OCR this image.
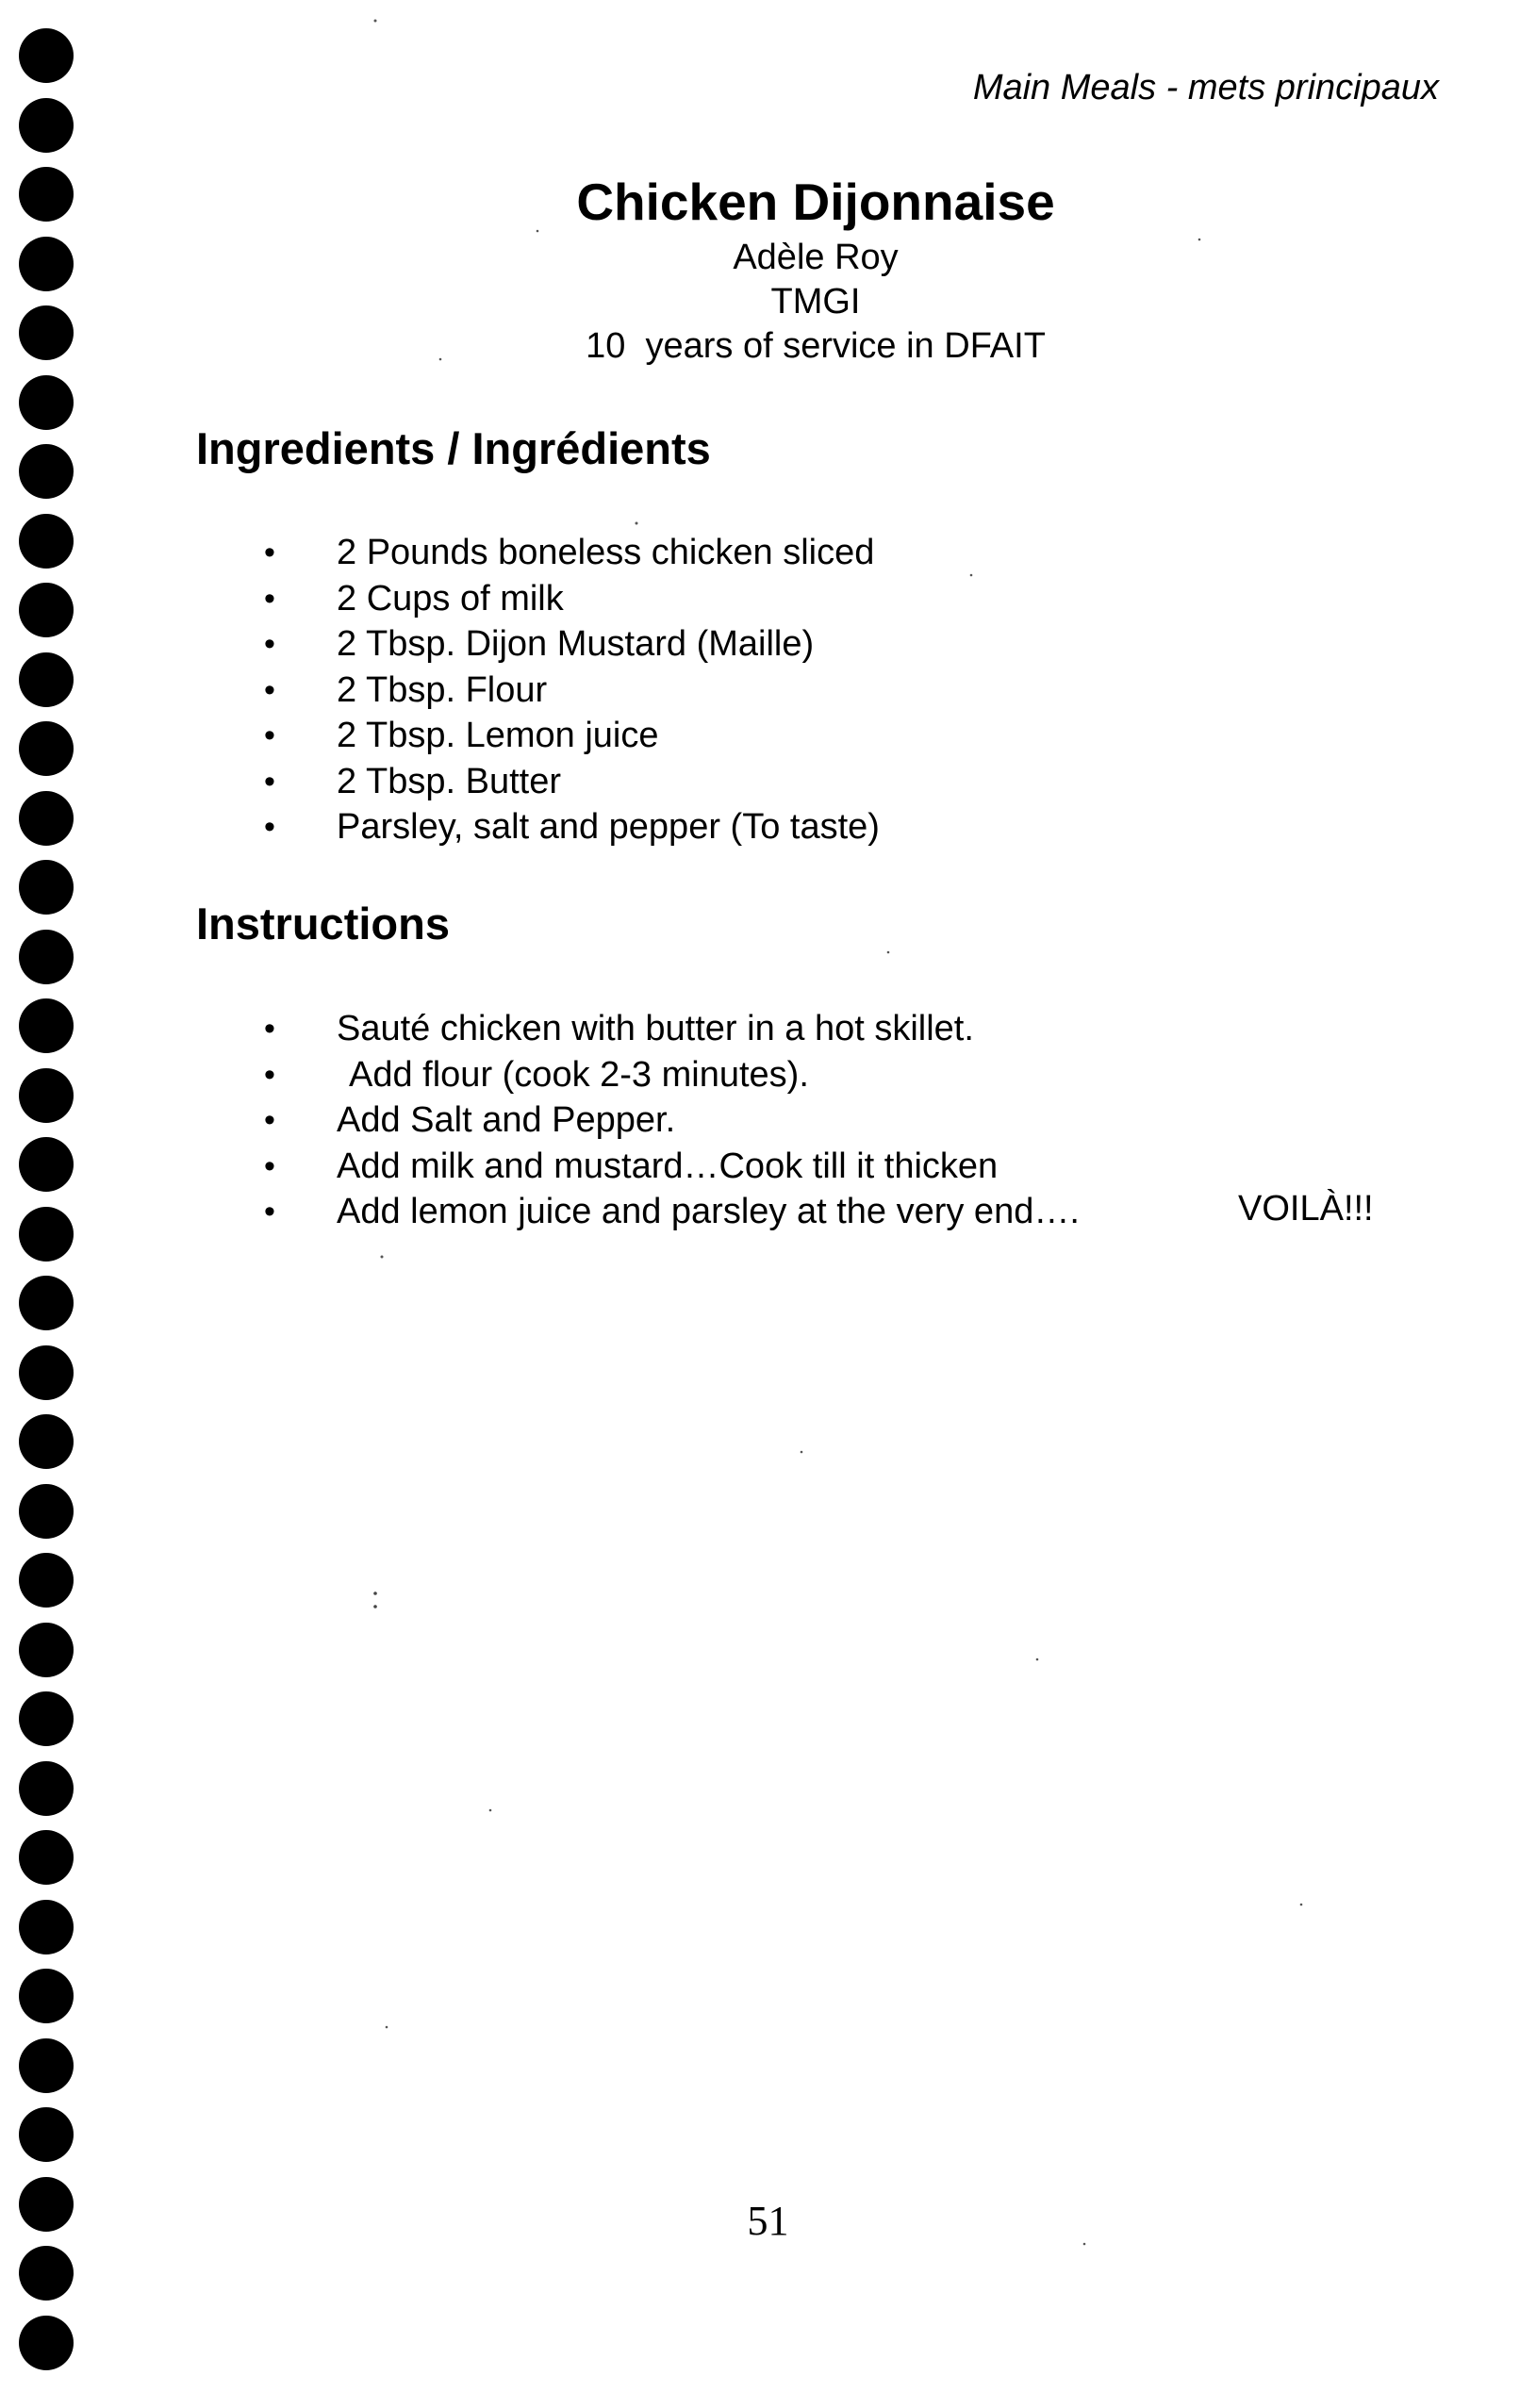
Main Meals - mets principaux
Chicken Dijonnaise
Adèle Roy
TMGI
10  years of service in DFAIT
Ingredients / Ingrédients
• 2 Pounds boneless chicken sliced
• 2 Cups of milk
• 2 Tbsp. Dijon Mustard (Maille)
• 2 Tbsp. Flour
• 2 Tbsp. Lemon juice
• 2 Tbsp. Butter
• Parsley, salt and pepper (To taste)
Instructions
• Sauté chicken with butter in a hot skillet.
• Add flour (cook 2-3 minutes).
• Add Salt and Pepper.
• Add milk and mustard…Cook till it thicken
• Add lemon juice and parsley at the very end….	VOILÀ!!!
51
